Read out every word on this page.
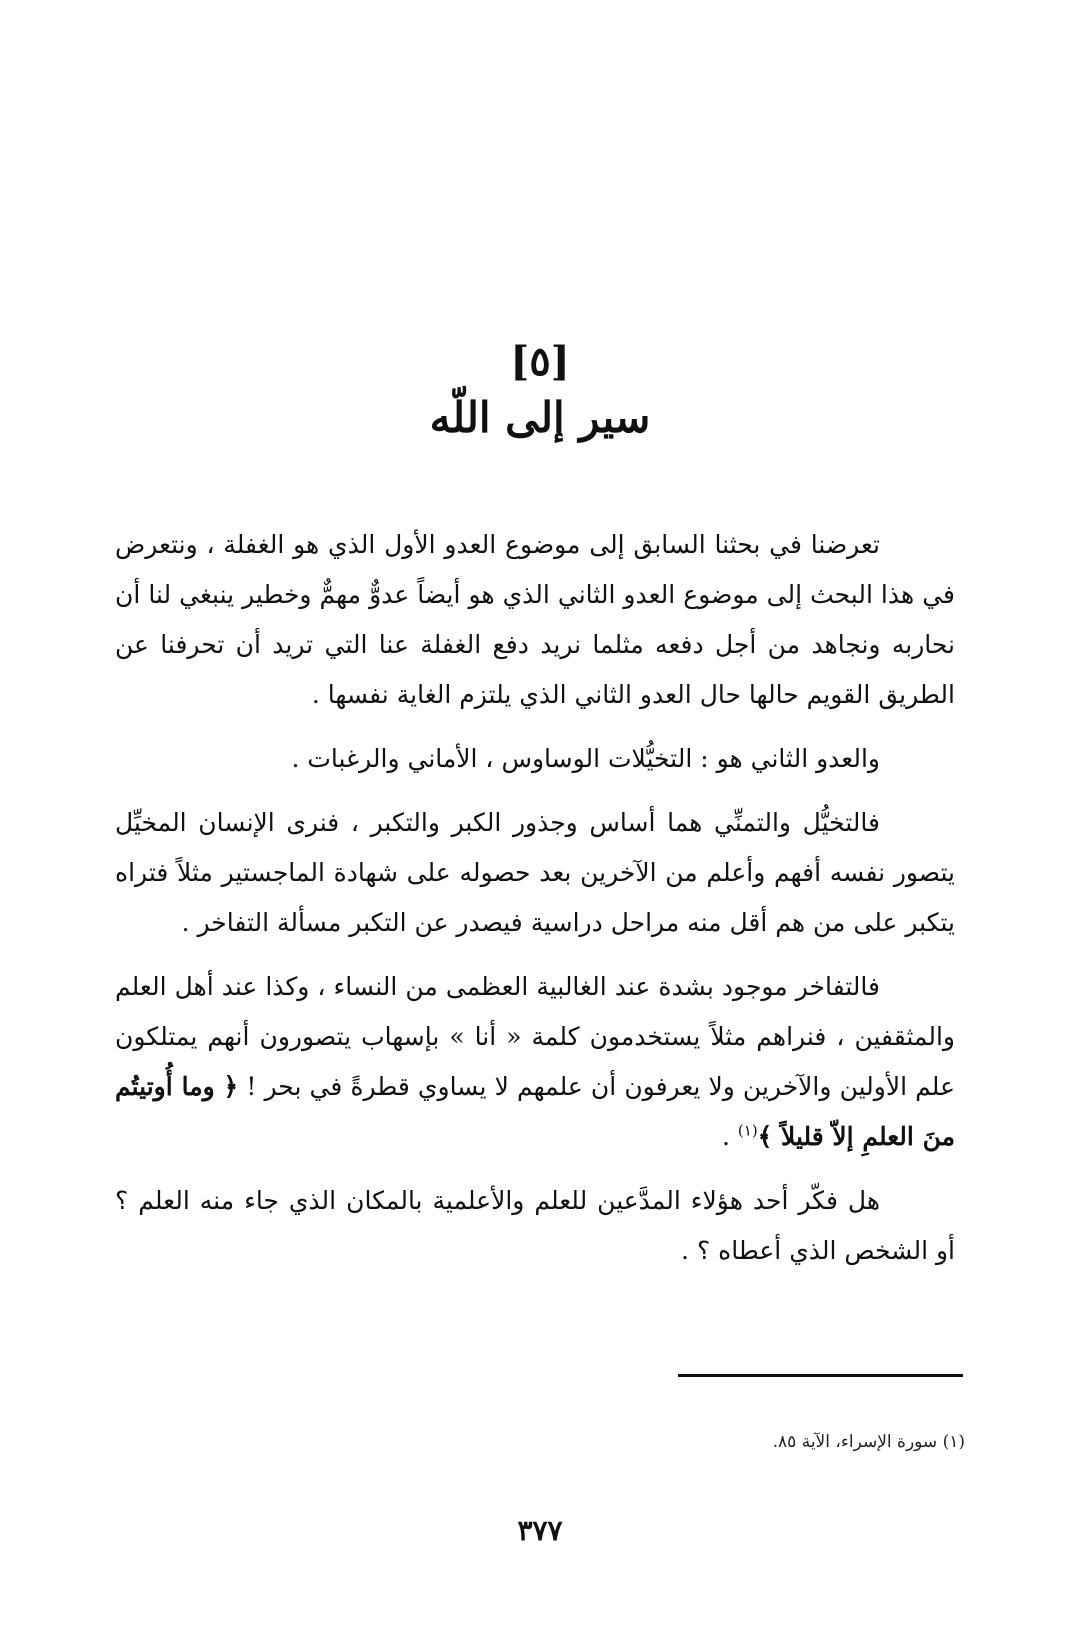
[٥]
سير إلى اللّه

تعرضنا في بحثنا السابق إلى موضوع العدو الأول الذي هو الغفلة ، ونتعرض في هذا البحث إلى موضوع العدو الثاني الذي هو أيضاً عدوٌّ مهمٌّ وخطير ينبغي لنا أن نحاربه ونجاهد من أجل دفعه مثلما نريد دفع الغفلة عنا التي تريد أن تحرفنا عن الطريق القويم حالها حال العدو الثاني الذي يلتزم الغاية نفسها .

والعدو الثاني هو : التخيُّلات الوساوس ، الأماني والرغبات .

فالتخيُّل والتمنِّي هما أساس وجذور الكبر والتكبر ، فنرى الإنسان المخيِّل يتصور نفسه أفهم وأعلم من الآخرين بعد حصوله على شهادة الماجستير مثلاً فتراه يتكبر على من هم أقل منه مراحل دراسية فيصدر عن التكبر مسألة التفاخر .

فالتفاخر موجود بشدة عند الغالبية العظمى من النساء ، وكذا عند أهل العلم والمثقفين ، فنراهم مثلاً يستخدمون كلمة « أنا » بإسهاب يتصورون أنهم يمتلكون علم الأولين والآخرين ولا يعرفون أن علمهم لا يساوي قطرةً في بحر ! ﴿ وما أُوتيتُم منَ العلمِ إلاّ قليلاً ﴾$^{(١)}$ .

هل فكّر أحد هؤلاء المدَّعين للعلم والأعلمية بالمكان الذي جاء منه العلم ؟ أو الشخص الذي أعطاه ؟ .

(١) سورة الإسراء، الآية ٨٥.
٣٧٧
